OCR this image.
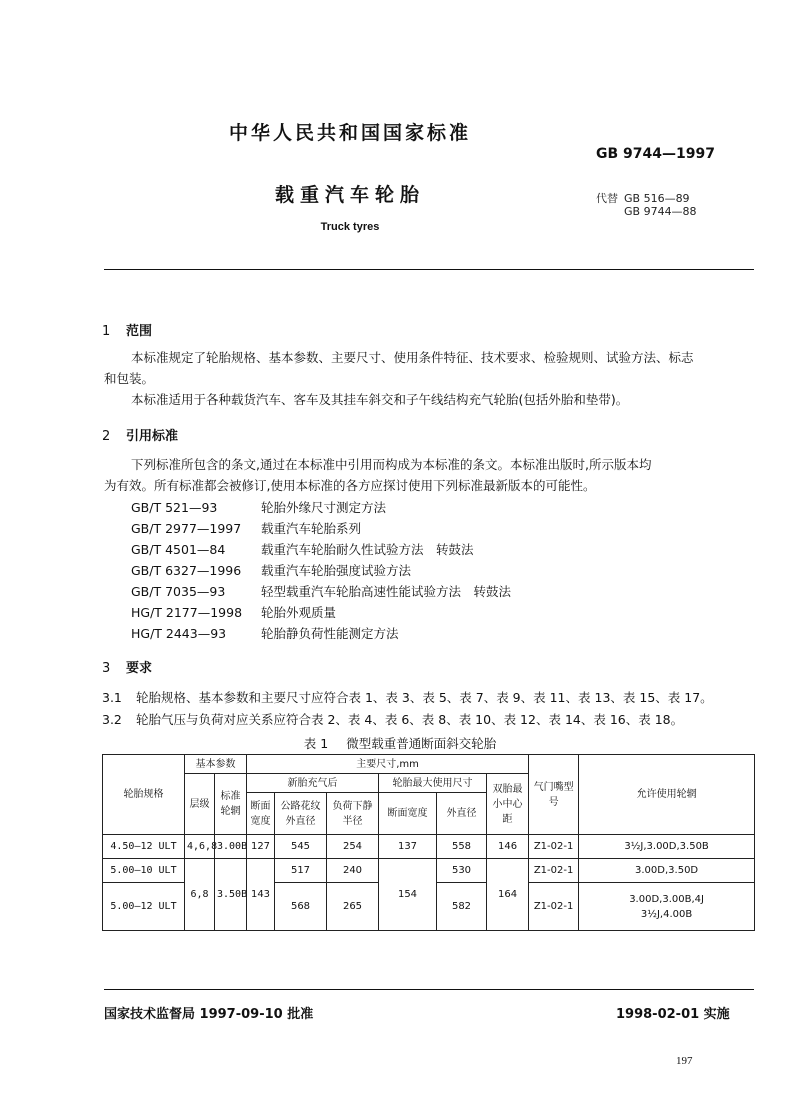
中华人民共和国国家标准
GB 9744—1997
载重汽车轮胎	代替 GB 516—89
GB 9744—88
Truck tyres
1 范围
本标准规定了轮胎规格、基本参数、主要尺寸、使用条件特征、技术要求、检验规则、试验方法、标志
和包装。
本标准适用于各种载货汽车、客车及其挂车斜交和子午线结构充气轮胎(包括外胎和垫带)。
2 引用标准
下列标准所包含的条文,通过在本标准中引用而构成为本标准的条文。本标准出版时,所示版本均
为有效。所有标准都会被修订,使用本标准的各方应探讨使用下列标准最新版本的可能性。
GB/T 521—93	轮胎外缘尺寸测定方法
GB/T 2977—1997 载重汽车轮胎系列
GB/T 4501—84	载重汽车轮胎耐久性试验方法　转鼓法
GB/T 6327—1996 载重汽车轮胎强度试验方法
GB/T 7035—93	轻型载重汽车轮胎高速性能试验方法　转鼓法
HG/T 2177—1998 轮胎外观质量
HG/T 2443—93	轮胎静负荷性能测定方法
3 要求
3.1 轮胎规格、基本参数和主要尺寸应符合表 1、表 3、表 5、表 7、表 9、表 11、表 13、表 15、表 17。
3.2 轮胎气压与负荷对应关系应符合表 2、表 4、表 6、表 8、表 10、表 12、表 14、表 16、表 18。
表 1 微型载重普通断面斜交轮胎
轮胎规格	基本参数		主要尺寸,mm						气门嘴型号	允许使用轮辋
	层级	标准轮辋	新胎充气后			轮胎最大使用尺寸		双胎最小中心距		
			断面宽度	公路花纹外直径	负荷下静半径	断面宽度	外直径			
4.50—12 ULT	4,6,8	3.00B	127	545	254	137	558	146	Z1-02-1	3½J,3.00D,3.50B
5.00—10 ULT	6,8	3.50B	143	517	240	154	530	164	Z1-02-1	3.00D,3.50D
5.00—12 ULT				568	265		582		Z1-02-1	3.00D,3.00B,4J
3½J,4.00B
国家技术监督局 1997-09-10 批准	1998-02-01 实施
197
